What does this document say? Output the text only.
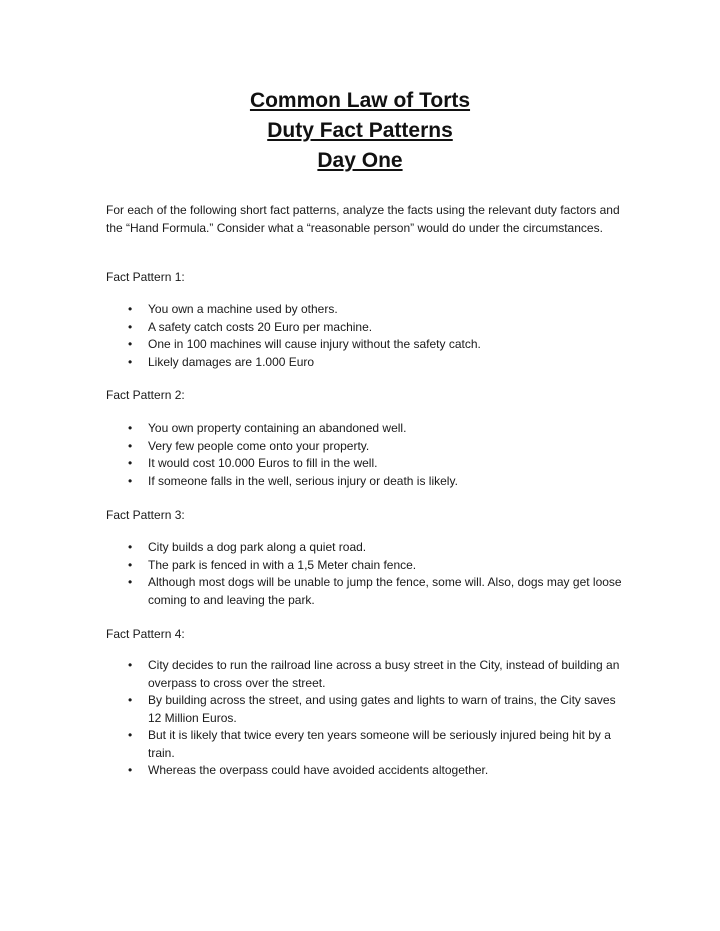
Common Law of Torts
Duty Fact Patterns
Day One
For each of the following short fact patterns, analyze the facts using the relevant duty factors and the “Hand Formula.” Consider what a “reasonable person” would do under the circumstances.
Fact Pattern 1:
• You own a machine used by others.
• A safety catch costs 20 Euro per machine.
• One in 100 machines will cause injury without the safety catch.
• Likely damages are 1.000 Euro
Fact Pattern 2:
• You own property containing an abandoned well.
• Very few people come onto your property.
• It would cost 10.000 Euros to fill in the well.
• If someone falls in the well, serious injury or death is likely.
Fact Pattern 3:
• City builds a dog park along a quiet road.
• The park is fenced in with a 1,5 Meter chain fence.
• Although most dogs will be unable to jump the fence, some will. Also, dogs may get loose coming to and leaving the park.
Fact Pattern 4:
• City decides to run the railroad line across a busy street in the City, instead of building an overpass to cross over the street.
• By building across the street, and using gates and lights to warn of trains, the City saves 12 Million Euros.
• But it is likely that twice every ten years someone will be seriously injured being hit by a train.
• Whereas the overpass could have avoided accidents altogether.
